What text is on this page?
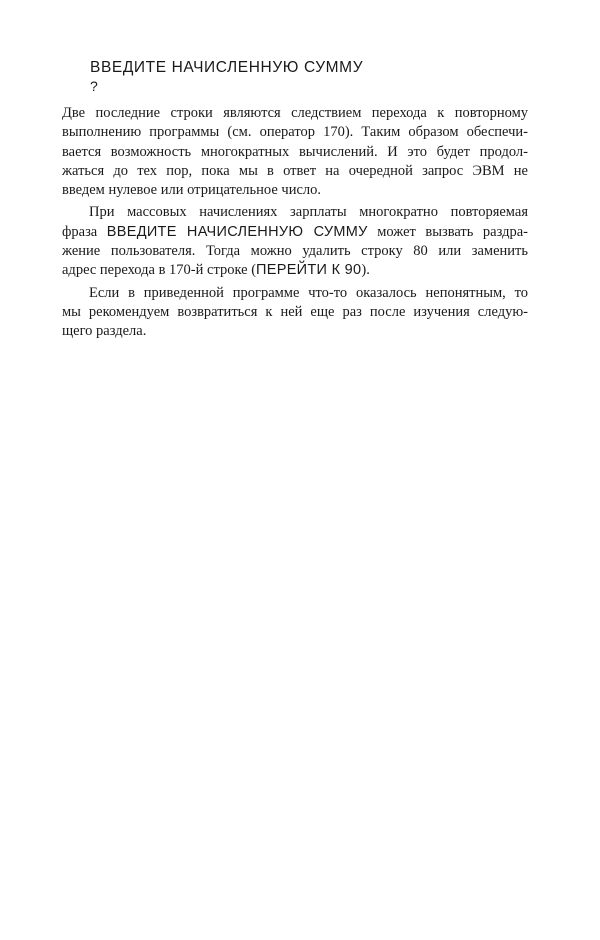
ВВЕДИТЕ НАЧИСЛЕННУЮ СУММУ
?

Две последние строки являются следствием перехода к повторному
выполнению программы (см. оператор 170). Таким образом обеспечи-
вается возможность многократных вычислений. И это будет продол-
жаться до тех пор, пока мы в ответ на очередной запрос ЭВМ не
введем нулевое или отрицательное число.

При массовых начислениях зарплаты многократно повторяемая
фраза ВВЕДИТЕ НАЧИСЛЕННУЮ СУММУ может вызвать раздра-
жение пользователя. Тогда можно удалить строку 80 или заменить
адрес перехода в 170-й строке (ПЕРЕЙТИ К 90).

Если в приведенной программе что-то оказалось непонятным, то
мы рекомендуем возвратиться к ней еще раз после изучения следую-
щего раздела.
